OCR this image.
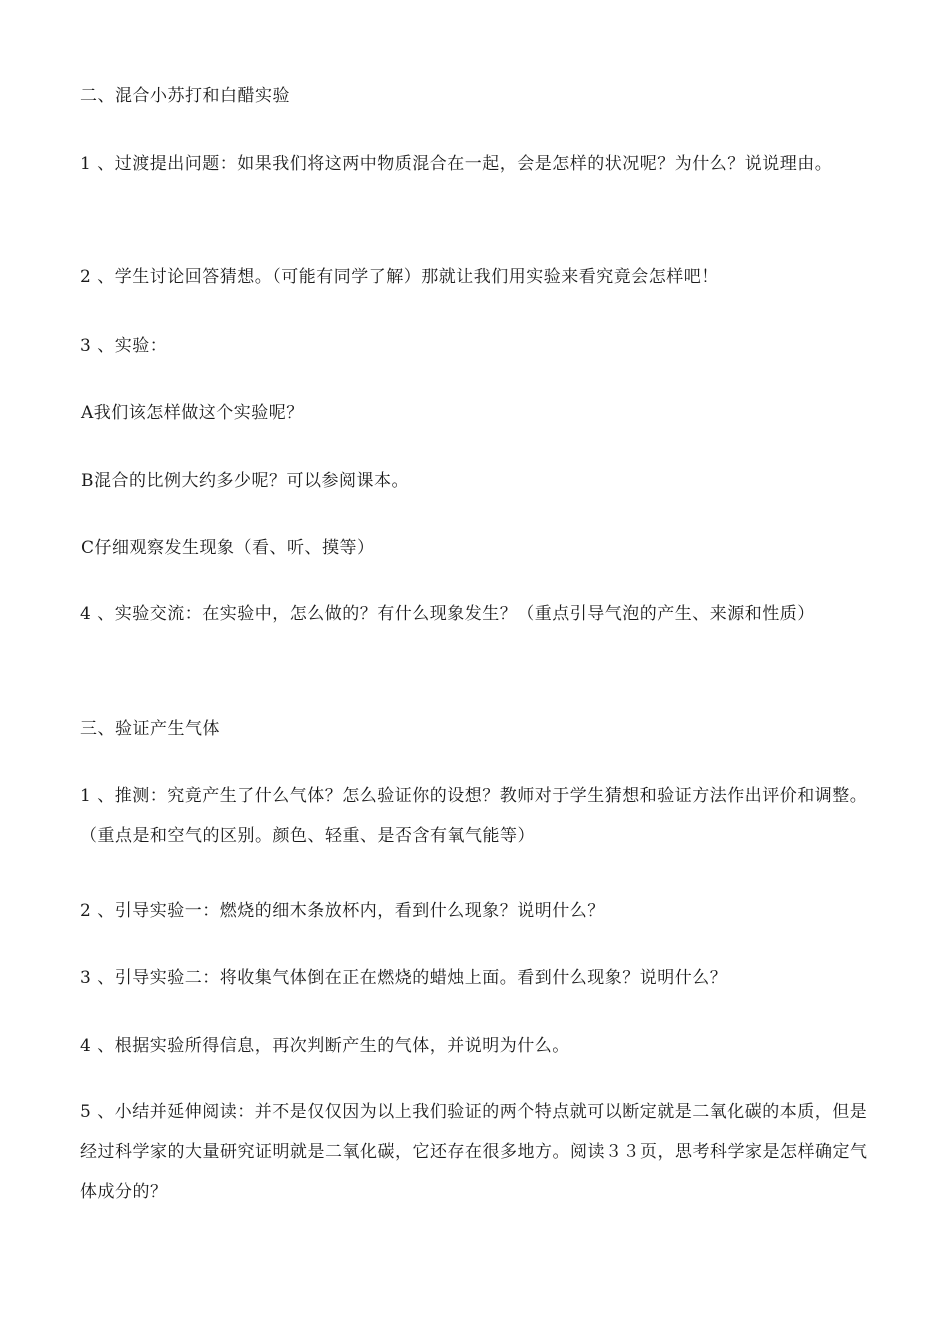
二、混合小苏打和白醋实验

1 、过渡提出问题：如果我们将这两中物质混合在一起，会是怎样的状况呢？为什么？说说理由。

2 、学生讨论回答猜想。（可能有同学了解）那就让我们用实验来看究竟会怎样吧！

3 、实验：

A我们该怎样做这个实验呢？

B混合的比例大约多少呢？可以参阅课本。

C仔细观察发生现象（看、听、摸等）

4 、实验交流：在实验中，怎么做的？有什么现象发生？（重点引导气泡的产生、来源和性质）

三、验证产生气体

1 、推测：究竟产生了什么气体？怎么验证你的设想？教师对于学生猜想和验证方法作出评价和调整。（重点是和空气的区别。颜色、轻重、是否含有氧气能等）

2 、引导实验一：燃烧的细木条放杯内，看到什么现象？说明什么？

3 、引导实验二：将收集气体倒在正在燃烧的蜡烛上面。看到什么现象？说明什么？

4 、根据实验所得信息，再次判断产生的气体，并说明为什么。

5 、小结并延伸阅读：并不是仅仅因为以上我们验证的两个特点就可以断定就是二氧化碳的本质，但是经过科学家的大量研究证明就是二氧化碳，它还存在很多地方。阅读３３页，思考科学家是怎样确定气体成分的？
